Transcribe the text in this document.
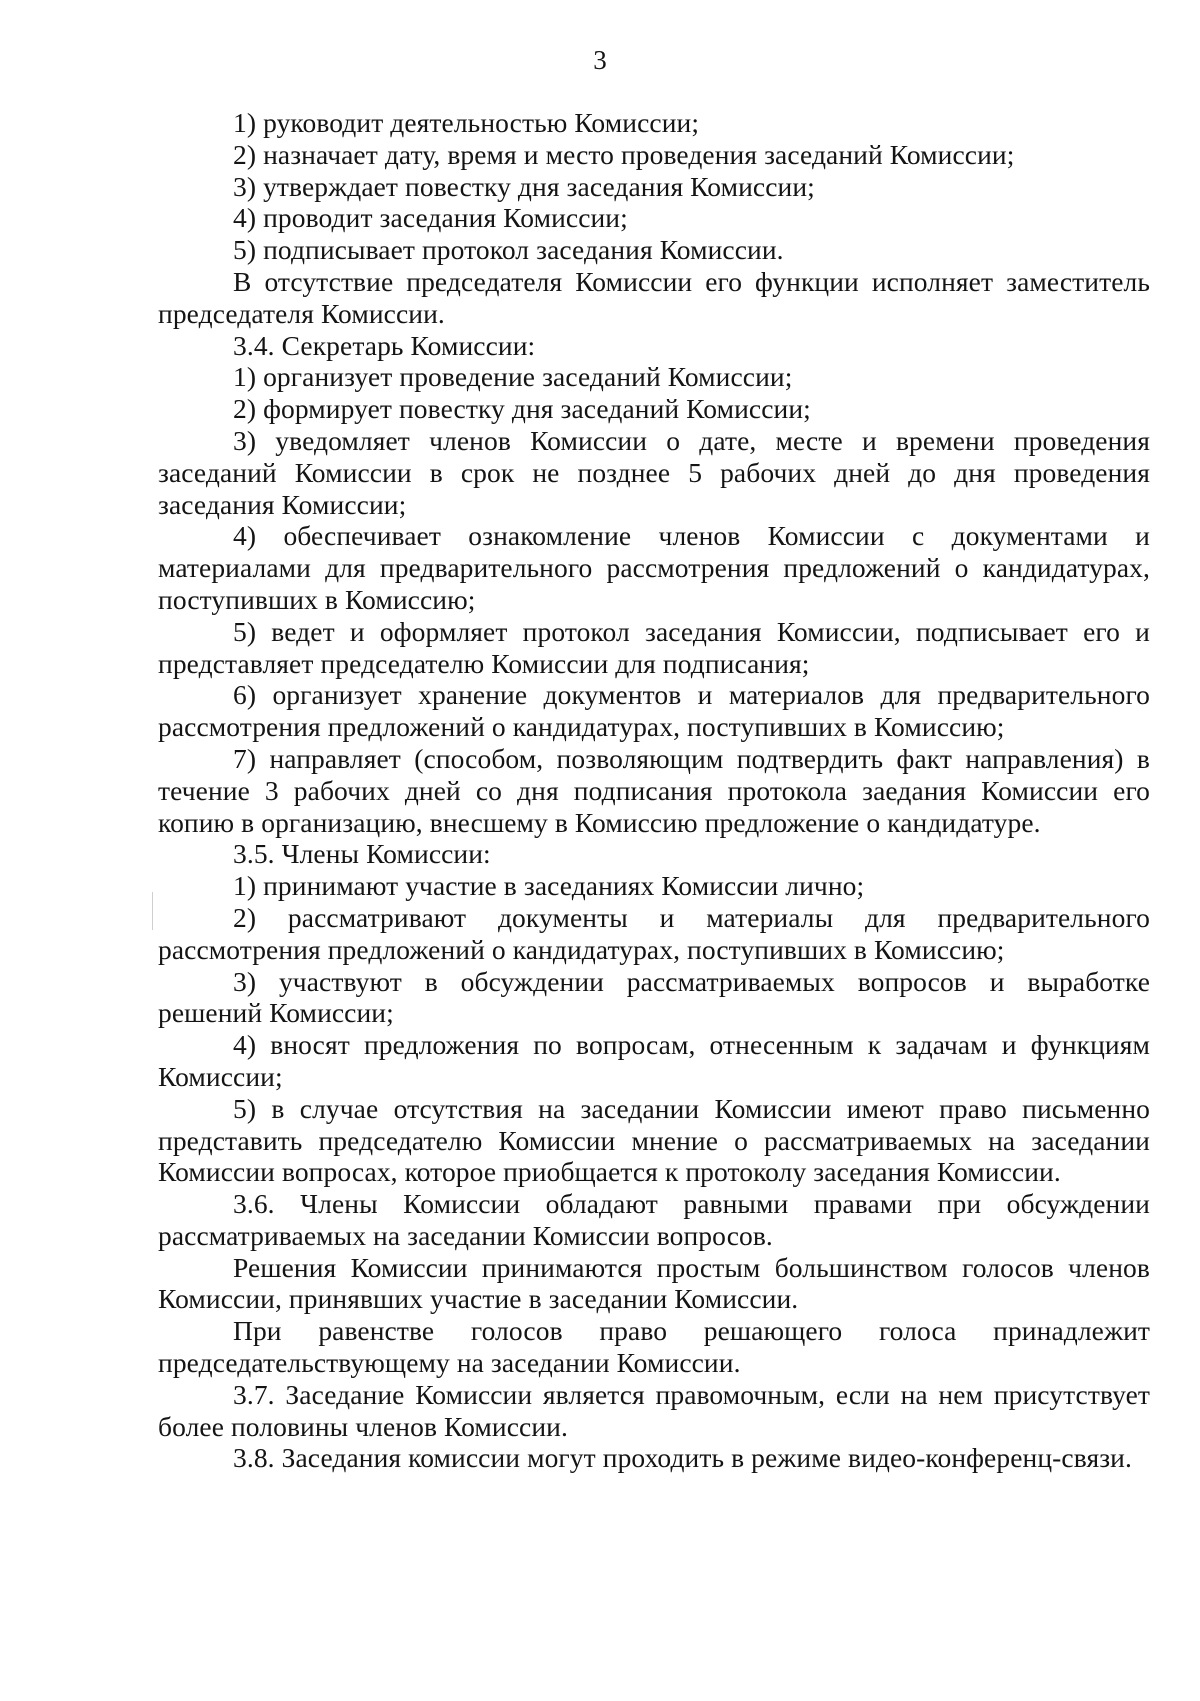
3

1) руководит деятельностью Комиссии;

2) назначает дату, время и место проведения заседаний Комиссии;

3) утверждает повестку дня заседания Комиссии;

4) проводит заседания Комиссии;

5) подписывает протокол заседания Комиссии.

В отсутствие председателя Комиссии его функции исполняет заместитель председателя Комиссии.

3.4. Секретарь Комиссии:

1) организует проведение заседаний Комиссии;

2) формирует повестку дня заседаний Комиссии;

3) уведомляет членов Комиссии о дате, месте и времени проведения заседаний Комиссии в срок не позднее 5 рабочих дней до дня проведения заседания Комиссии;

4) обеспечивает ознакомление членов Комиссии с документами и материалами для предварительного рассмотрения предложений о кандидатурах, поступивших в Комиссию;

5) ведет и оформляет протокол заседания Комиссии, подписывает его и представляет председателю Комиссии для подписания;

6) организует хранение документов и материалов для предварительного рассмотрения предложений о кандидатурах, поступивших в Комиссию;

7) направляет (способом, позволяющим подтвердить факт направления) в течение 3 рабочих дней со дня подписания протокола заедания Комиссии его копию в организацию, внесшему в Комиссию предложение о кандидатуре.

3.5. Члены Комиссии:

1) принимают участие в заседаниях Комиссии лично;

2) рассматривают документы и материалы для предварительного рассмотрения предложений о кандидатурах, поступивших в Комиссию;

3) участвуют в обсуждении рассматриваемых вопросов и выработке решений Комиссии;

4) вносят предложения по вопросам, отнесенным к задачам и функциям Комиссии;

5) в случае отсутствия на заседании Комиссии имеют право письменно представить председателю Комиссии мнение о рассматриваемых на заседании Комиссии вопросах, которое приобщается к протоколу заседания Комиссии.

3.6. Члены Комиссии обладают равными правами при обсуждении рассматриваемых на заседании Комиссии вопросов.

Решения Комиссии принимаются простым большинством голосов членов Комиссии, принявших участие в заседании Комиссии.

При равенстве голосов право решающего голоса принадлежит председательствующему на заседании Комиссии.

3.7. Заседание Комиссии является правомочным, если на нем присутствует более половины членов Комиссии.

3.8. Заседания комиссии могут проходить в режиме видео-конференц-связи.
